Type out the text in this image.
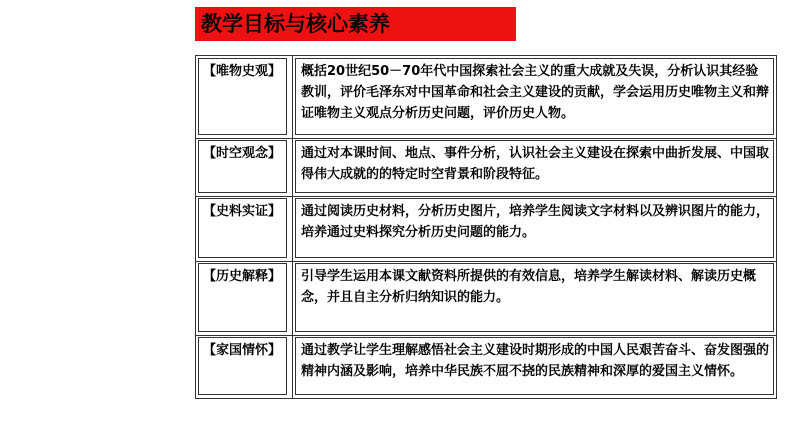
教学目标与核心素养
【唯物史观】	概括20世纪50－70年代中国探索社会主义的重大成就及失误，分析认识其经验教训，评价毛泽东对中国革命和社会主义建设的贡献，学会运用历史唯物主义和辩证唯物主义观点分析历史问题，评价历史人物。
【时空观念】	通过对本课时间、地点、事件分析，认识社会主义建设在探索中曲折发展、中国取得伟大成就的的特定时空背景和阶段特征。
【史料实证】	通过阅读历史材料，分析历史图片，培养学生阅读文字材料以及辨识图片的能力，培养通过史料探究分析历史问题的能力。
【历史解释】	引导学生运用本课文献资料所提供的有效信息，培养学生解读材料、解读历史概念，并且自主分析归纳知识的能力。
【家国情怀】	通过教学让学生理解感悟社会主义建设时期形成的中国人民艰苦奋斗、奋发图强的精神内涵及影响，培养中华民族不屈不挠的民族精神和深厚的爱国主义情怀。
